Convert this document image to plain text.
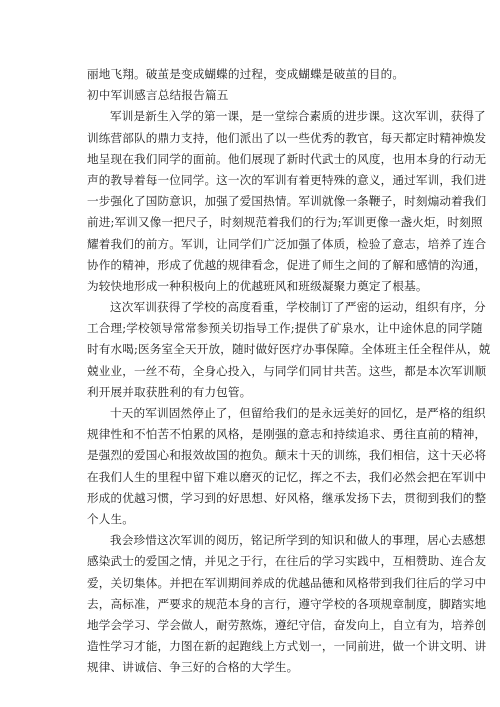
丽地飞翔。破茧是变成蝴蝶的过程，变成蝴蝶是破茧的目的。
初中军训感言总结报告篇五
军训是新生入学的第一课，是一堂综合素质的进步课。这次军训，获得了
训练营部队的鼎力支持，他们派出了以一些优秀的教官，每天都定时精神焕发
地呈现在我们同学的面前。他们展现了新时代武士的风度，也用本身的行动无
声的教导着每一位同学。这一次的军训有着更特殊的意义，通过军训，我们进
一步强化了国防意识，加强了爱国热情。军训就像一条鞭子，时刻煽动着我们
前进;军训又像一把尺子，时刻规范着我们的行为;军训更像一盏火炬，时刻照
耀着我们的前方。军训，让同学们广泛加强了体质，检验了意志，培养了连合
协作的精神，形成了优越的规律看念，促进了师生之间的了解和感情的沟通，
为较快地形成一种积极向上的优越班风和班级凝聚力奠定了根基。
这次军训获得了学校的高度看重，学校制订了严密的运动，组织有序，分
工合理;学校领导常常参预关切指导工作;提供了矿泉水，让中途休息的同学随
时有水喝;医务室全天开放，随时做好医疗办事保障。全体班主任全程伴从，兢
兢业业，一丝不苟，全身心投入，与同学们同甘共苦。这些，都是本次军训顺
利开展并取获胜利的有力包管。
十天的军训固然停止了，但留给我们的是永远美好的回忆，是严格的组织
规律性和不怕苦不怕累的风格，是刚强的意志和持续追求、勇往直前的精神，
是强烈的爱国心和报效故国的抱负。颠末十天的训练，我们相信，这十天必将
在我们人生的里程中留下难以磨灭的记忆，挥之不去，我们必然会把在军训中
形成的优越习惯，学习到的好思想、好风格，继承发扬下去，贯彻到我们的整
个人生。
我会珍惜这次军训的阅历，铭记所学到的知识和做人的事理，居心去感想
感染武士的爱国之情，并见之于行，在往后的学习实践中，互相赞助、连合友
爱，关切集体。并把在军训期间养成的优越品德和风格带到我们往后的学习中
去，高标准，严要求的规范本身的言行，遵守学校的各项规章制度，脚踏实地
地学会学习、学会做人，耐劳熬炼，遵纪守信，奋发向上，自立有为，培养创
造性学习才能，力图在新的起跑线上方式划一，一同前进，做一个讲文明、讲
规律、讲诚信、争三好的合格的大学生。
